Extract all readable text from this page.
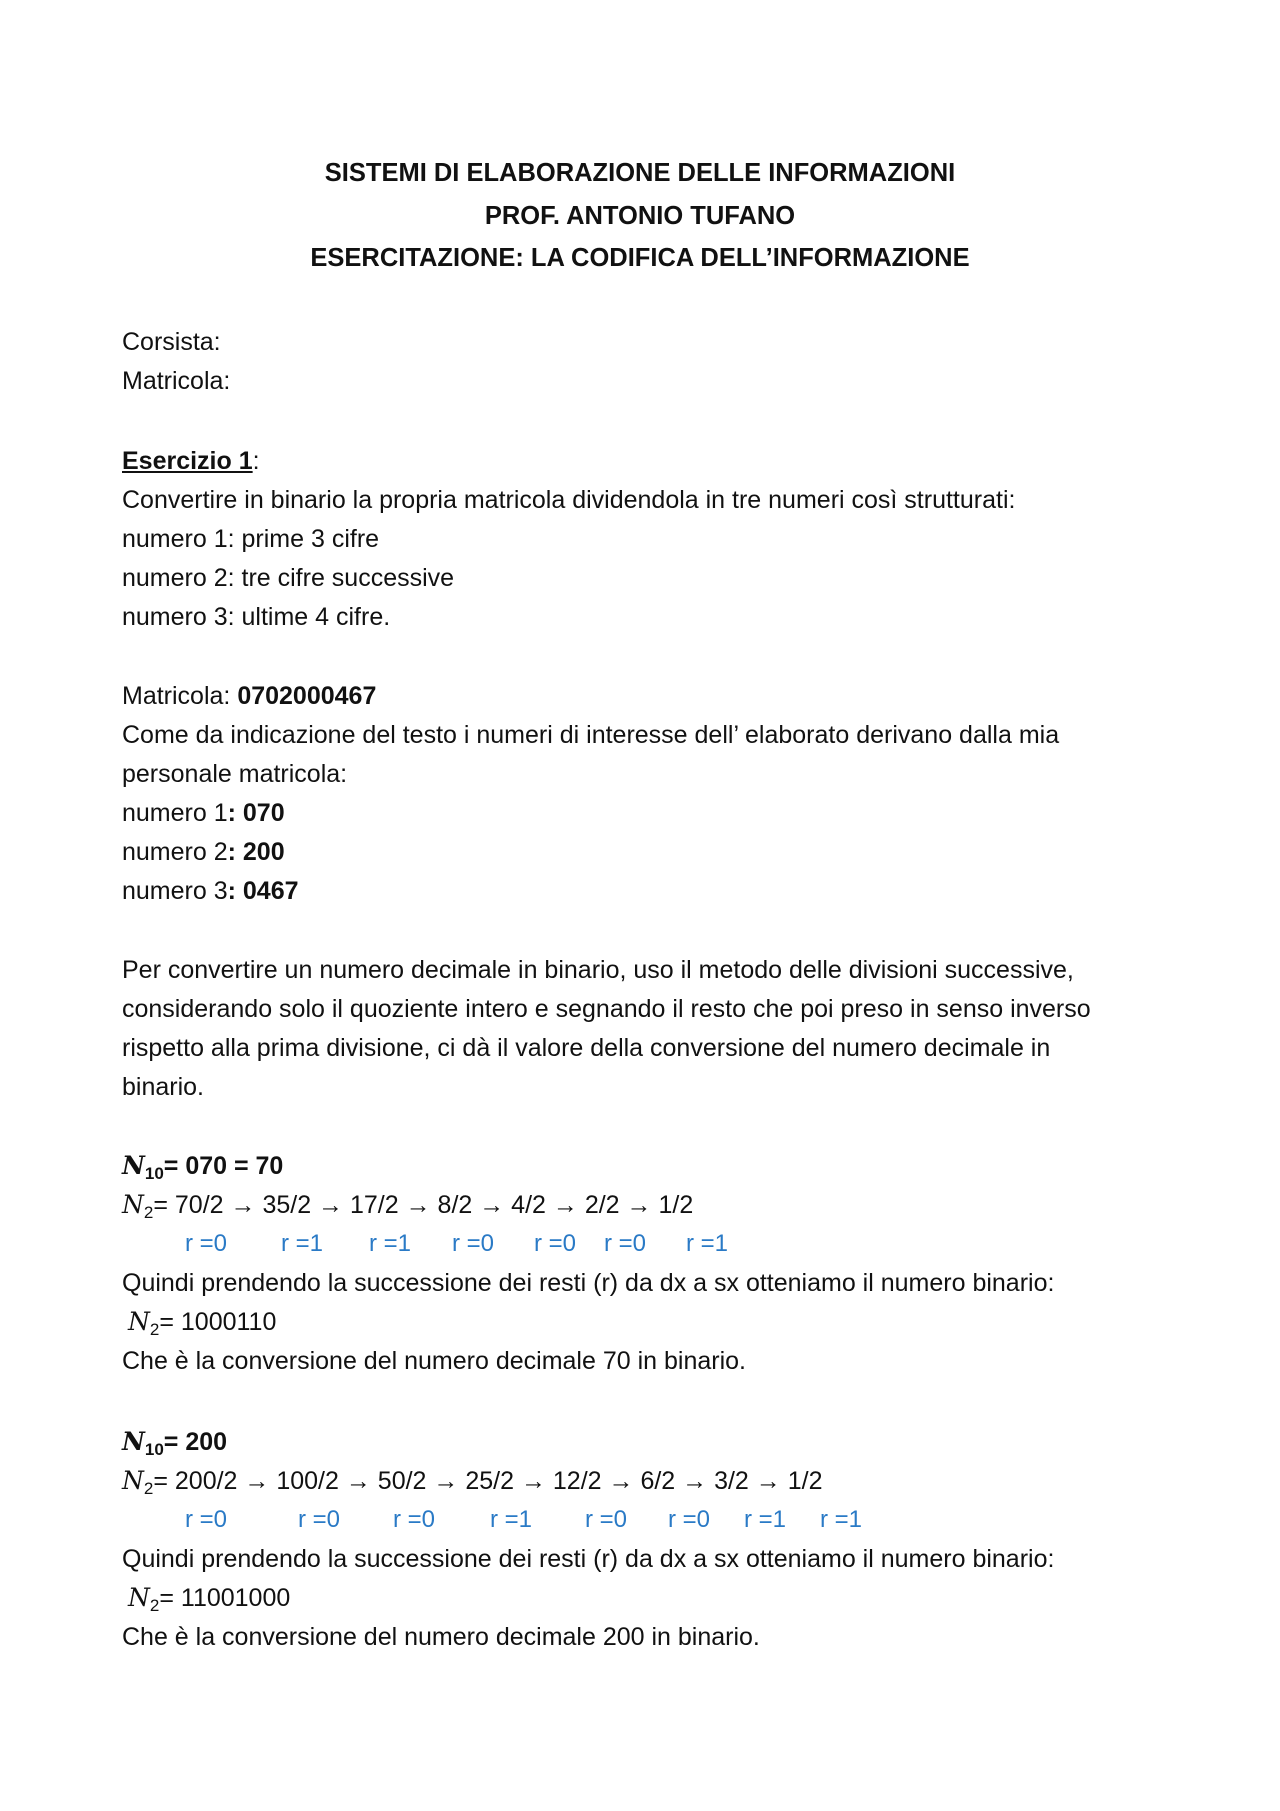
SISTEMI DI ELABORAZIONE DELLE INFORMAZIONI
PROF. ANTONIO TUFANO
ESERCITAZIONE: LA CODIFICA DELL’INFORMAZIONE
Corsista:
Matricola:
Esercizio 1:
Convertire in binario la propria matricola dividendola in tre numeri così strutturati:
numero 1: prime 3 cifre
numero 2: tre cifre successive
numero 3: ultime 4 cifre.
Matricola: 0702000467
Come da indicazione del testo i numeri di interesse dell’ elaborato derivano dalla mia
personale matricola:
numero 1: 070
numero 2: 200
numero 3: 0467
Per convertire un numero decimale in binario, uso il metodo delle divisioni successive,
considerando solo il quoziente intero e segnando il resto che poi preso in senso inverso
rispetto alla prima divisione, ci dà il valore della conversione del numero decimale in
binario.
$N_{10}= 070 = 70$
$N_2= 70/2 \to 35/2 \to 17/2 \to 8/2 \to 4/2 \to 2/2 \to 1/2$
r =0 r =1 r =1 r =0 r =0 r =0 r =1
Quindi prendendo la successione dei resti (r) da dx a sx otteniamo il numero binario:
$N_2= 1000110$
Che è la conversione del numero decimale 70 in binario.
$N_{10}= 200$
$N_2= 200/2 \to 100/2 \to 50/2 \to 25/2 \to 12/2 \to 6/2 \to 3/2 \to 1/2$
r =0	r =0 r =0 r =1 r =0 r =0 r =1 r =1
Quindi prendendo la successione dei resti (r) da dx a sx otteniamo il numero binario:
$N_2= 11001000$
Che è la conversione del numero decimale 200 in binario.
